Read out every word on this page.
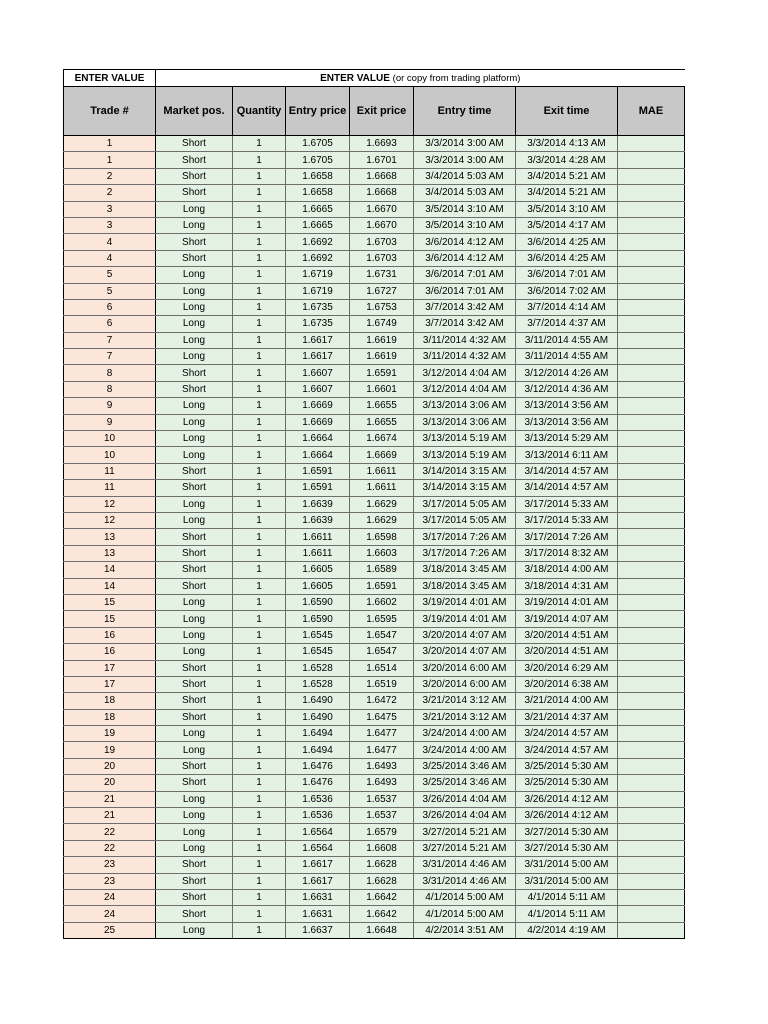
ENTER VALUE	ENTER VALUE (or copy from trading platform)						
Trade #	Market pos.	Quantity	Entry price	Exit price	Entry time	Exit time	MAE
1	Short	1	1.6705	1.6693	3/3/2014 3:00 AM	3/3/2014 4:13 AM	
1	Short	1	1.6705	1.6701	3/3/2014 3:00 AM	3/3/2014 4:28 AM	
2	Short	1	1.6658	1.6668	3/4/2014 5:03 AM	3/4/2014 5:21 AM	
2	Short	1	1.6658	1.6668	3/4/2014 5:03 AM	3/4/2014 5:21 AM	
3	Long	1	1.6665	1.6670	3/5/2014 3:10 AM	3/5/2014 3:10 AM	
3	Long	1	1.6665	1.6670	3/5/2014 3:10 AM	3/5/2014 4:17 AM	
4	Short	1	1.6692	1.6703	3/6/2014 4:12 AM	3/6/2014 4:25 AM	
4	Short	1	1.6692	1.6703	3/6/2014 4:12 AM	3/6/2014 4:25 AM	
5	Long	1	1.6719	1.6731	3/6/2014 7:01 AM	3/6/2014 7:01 AM	
5	Long	1	1.6719	1.6727	3/6/2014 7:01 AM	3/6/2014 7:02 AM	
6	Long	1	1.6735	1.6753	3/7/2014 3:42 AM	3/7/2014 4:14 AM	
6	Long	1	1.6735	1.6749	3/7/2014 3:42 AM	3/7/2014 4:37 AM	
7	Long	1	1.6617	1.6619	3/11/2014 4:32 AM	3/11/2014 4:55 AM	
7	Long	1	1.6617	1.6619	3/11/2014 4:32 AM	3/11/2014 4:55 AM	
8	Short	1	1.6607	1.6591	3/12/2014 4:04 AM	3/12/2014 4:26 AM	
8	Short	1	1.6607	1.6601	3/12/2014 4:04 AM	3/12/2014 4:36 AM	
9	Long	1	1.6669	1.6655	3/13/2014 3:06 AM	3/13/2014 3:56 AM	
9	Long	1	1.6669	1.6655	3/13/2014 3:06 AM	3/13/2014 3:56 AM	
10	Long	1	1.6664	1.6674	3/13/2014 5:19 AM	3/13/2014 5:29 AM	
10	Long	1	1.6664	1.6669	3/13/2014 5:19 AM	3/13/2014 6:11 AM	
11	Short	1	1.6591	1.6611	3/14/2014 3:15 AM	3/14/2014 4:57 AM	
11	Short	1	1.6591	1.6611	3/14/2014 3:15 AM	3/14/2014 4:57 AM	
12	Long	1	1.6639	1.6629	3/17/2014 5:05 AM	3/17/2014 5:33 AM	
12	Long	1	1.6639	1.6629	3/17/2014 5:05 AM	3/17/2014 5:33 AM	
13	Short	1	1.6611	1.6598	3/17/2014 7:26 AM	3/17/2014 7:26 AM	
13	Short	1	1.6611	1.6603	3/17/2014 7:26 AM	3/17/2014 8:32 AM	
14	Short	1	1.6605	1.6589	3/18/2014 3:45 AM	3/18/2014 4:00 AM	
14	Short	1	1.6605	1.6591	3/18/2014 3:45 AM	3/18/2014 4:31 AM	
15	Long	1	1.6590	1.6602	3/19/2014 4:01 AM	3/19/2014 4:01 AM	
15	Long	1	1.6590	1.6595	3/19/2014 4:01 AM	3/19/2014 4:07 AM	
16	Long	1	1.6545	1.6547	3/20/2014 4:07 AM	3/20/2014 4:51 AM	
16	Long	1	1.6545	1.6547	3/20/2014 4:07 AM	3/20/2014 4:51 AM	
17	Short	1	1.6528	1.6514	3/20/2014 6:00 AM	3/20/2014 6:29 AM	
17	Short	1	1.6528	1.6519	3/20/2014 6:00 AM	3/20/2014 6:38 AM	
18	Short	1	1.6490	1.6472	3/21/2014 3:12 AM	3/21/2014 4:00 AM	
18	Short	1	1.6490	1.6475	3/21/2014 3:12 AM	3/21/2014 4:37 AM	
19	Long	1	1.6494	1.6477	3/24/2014 4:00 AM	3/24/2014 4:57 AM	
19	Long	1	1.6494	1.6477	3/24/2014 4:00 AM	3/24/2014 4:57 AM	
20	Short	1	1.6476	1.6493	3/25/2014 3:46 AM	3/25/2014 5:30 AM	
20	Short	1	1.6476	1.6493	3/25/2014 3:46 AM	3/25/2014 5:30 AM	
21	Long	1	1.6536	1.6537	3/26/2014 4:04 AM	3/26/2014 4:12 AM	
21	Long	1	1.6536	1.6537	3/26/2014 4:04 AM	3/26/2014 4:12 AM	
22	Long	1	1.6564	1.6579	3/27/2014 5:21 AM	3/27/2014 5:30 AM	
22	Long	1	1.6564	1.6608	3/27/2014 5:21 AM	3/27/2014 5:30 AM	
23	Short	1	1.6617	1.6628	3/31/2014 4:46 AM	3/31/2014 5:00 AM	
23	Short	1	1.6617	1.6628	3/31/2014 4:46 AM	3/31/2014 5:00 AM	
24	Short	1	1.6631	1.6642	4/1/2014 5:00 AM	4/1/2014 5:11 AM	
24	Short	1	1.6631	1.6642	4/1/2014 5:00 AM	4/1/2014 5:11 AM	
25	Long	1	1.6637	1.6648	4/2/2014 3:51 AM	4/2/2014 4:19 AM	
